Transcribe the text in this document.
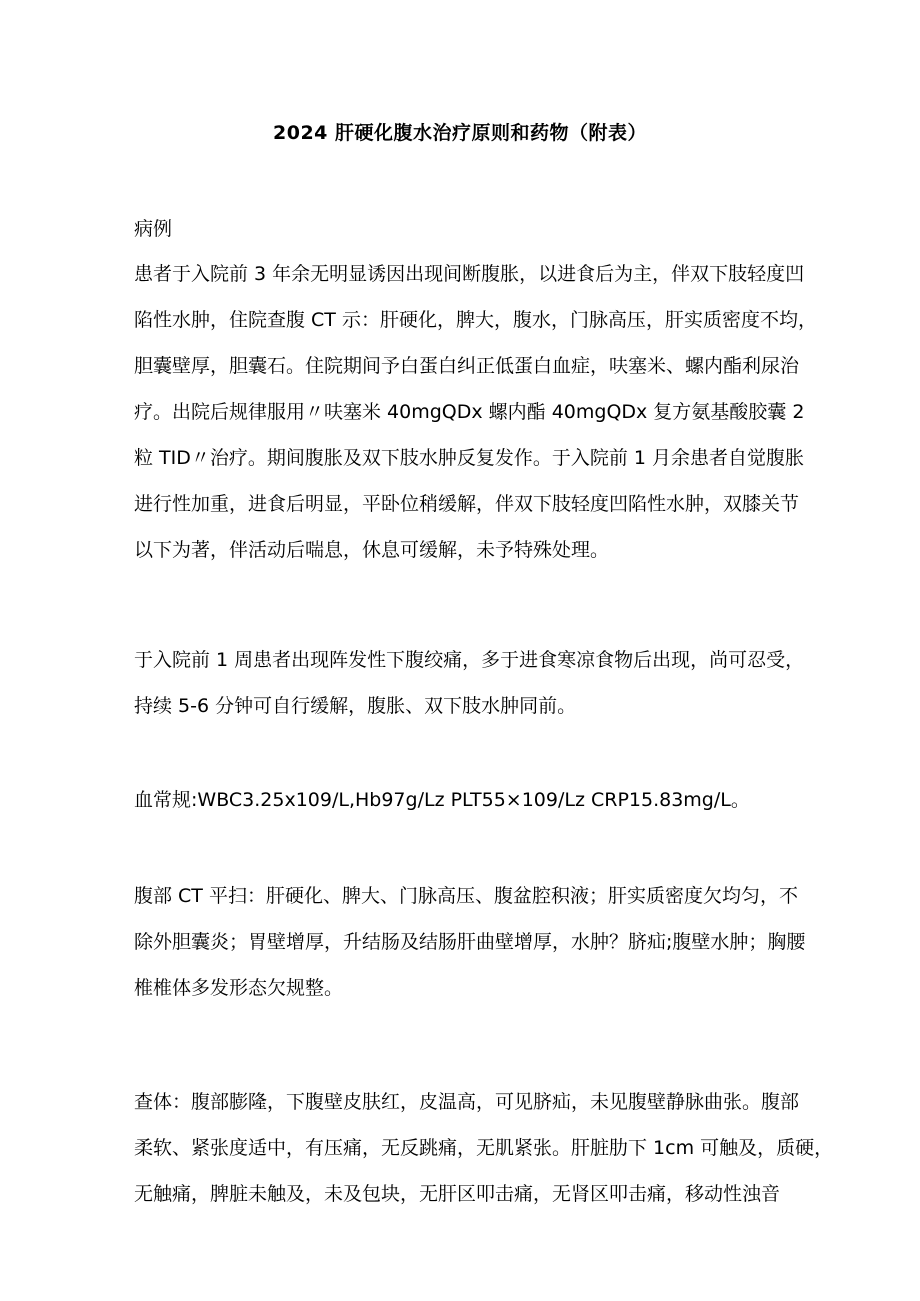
2024 肝硬化腹水治疗原则和药物（附表）
病例
患者于入院前 3 年余无明显诱因出现间断腹胀，以进食后为主，伴双下肢轻度凹
陷性水肿，住院查腹 CT 示：肝硬化，脾大，腹水，门脉高压，肝实质密度不均，
胆囊壁厚，胆囊石。住院期间予白蛋白纠正低蛋白血症，呋塞米、螺内酯利尿治
疗。出院后规律服用〃呋塞米 40mgQDx 螺内酯 40mgQDx 复方氨基酸胶囊 2
粒 TID〃治疗。期间腹胀及双下肢水肿反复发作。于入院前 1 月余患者自觉腹胀
进行性加重，进食后明显，平卧位稍缓解，伴双下肢轻度凹陷性水肿，双膝关节
以下为著，伴活动后喘息，休息可缓解，未予特殊处理。
于入院前 1 周患者出现阵发性下腹绞痛，多于进食寒凉食物后出现，尚可忍受，
持续 5-6 分钟可自行缓解，腹胀、双下肢水肿同前。
血常规:WBC3.25x109/L,Hb97g∕Lz PLT55×109∕Lz CRP15.83mg∕L。
腹部 CT 平扫：肝硬化、脾大、门脉高压、腹盆腔积液；肝实质密度欠均匀，不
除外胆囊炎；胃壁增厚，升结肠及结肠肝曲壁增厚，水肿？脐疝;腹壁水肿；胸腰
椎椎体多发形态欠规整。
查体：腹部膨隆，下腹壁皮肤红，皮温高，可见脐疝，未见腹壁静脉曲张。腹部
柔软、紧张度适中，有压痛，无反跳痛，无肌紧张。肝脏肋下 1cm 可触及，质硬，
无触痛，脾脏未触及，未及包块，无肝区叩击痛，无肾区叩击痛，移动性浊音
